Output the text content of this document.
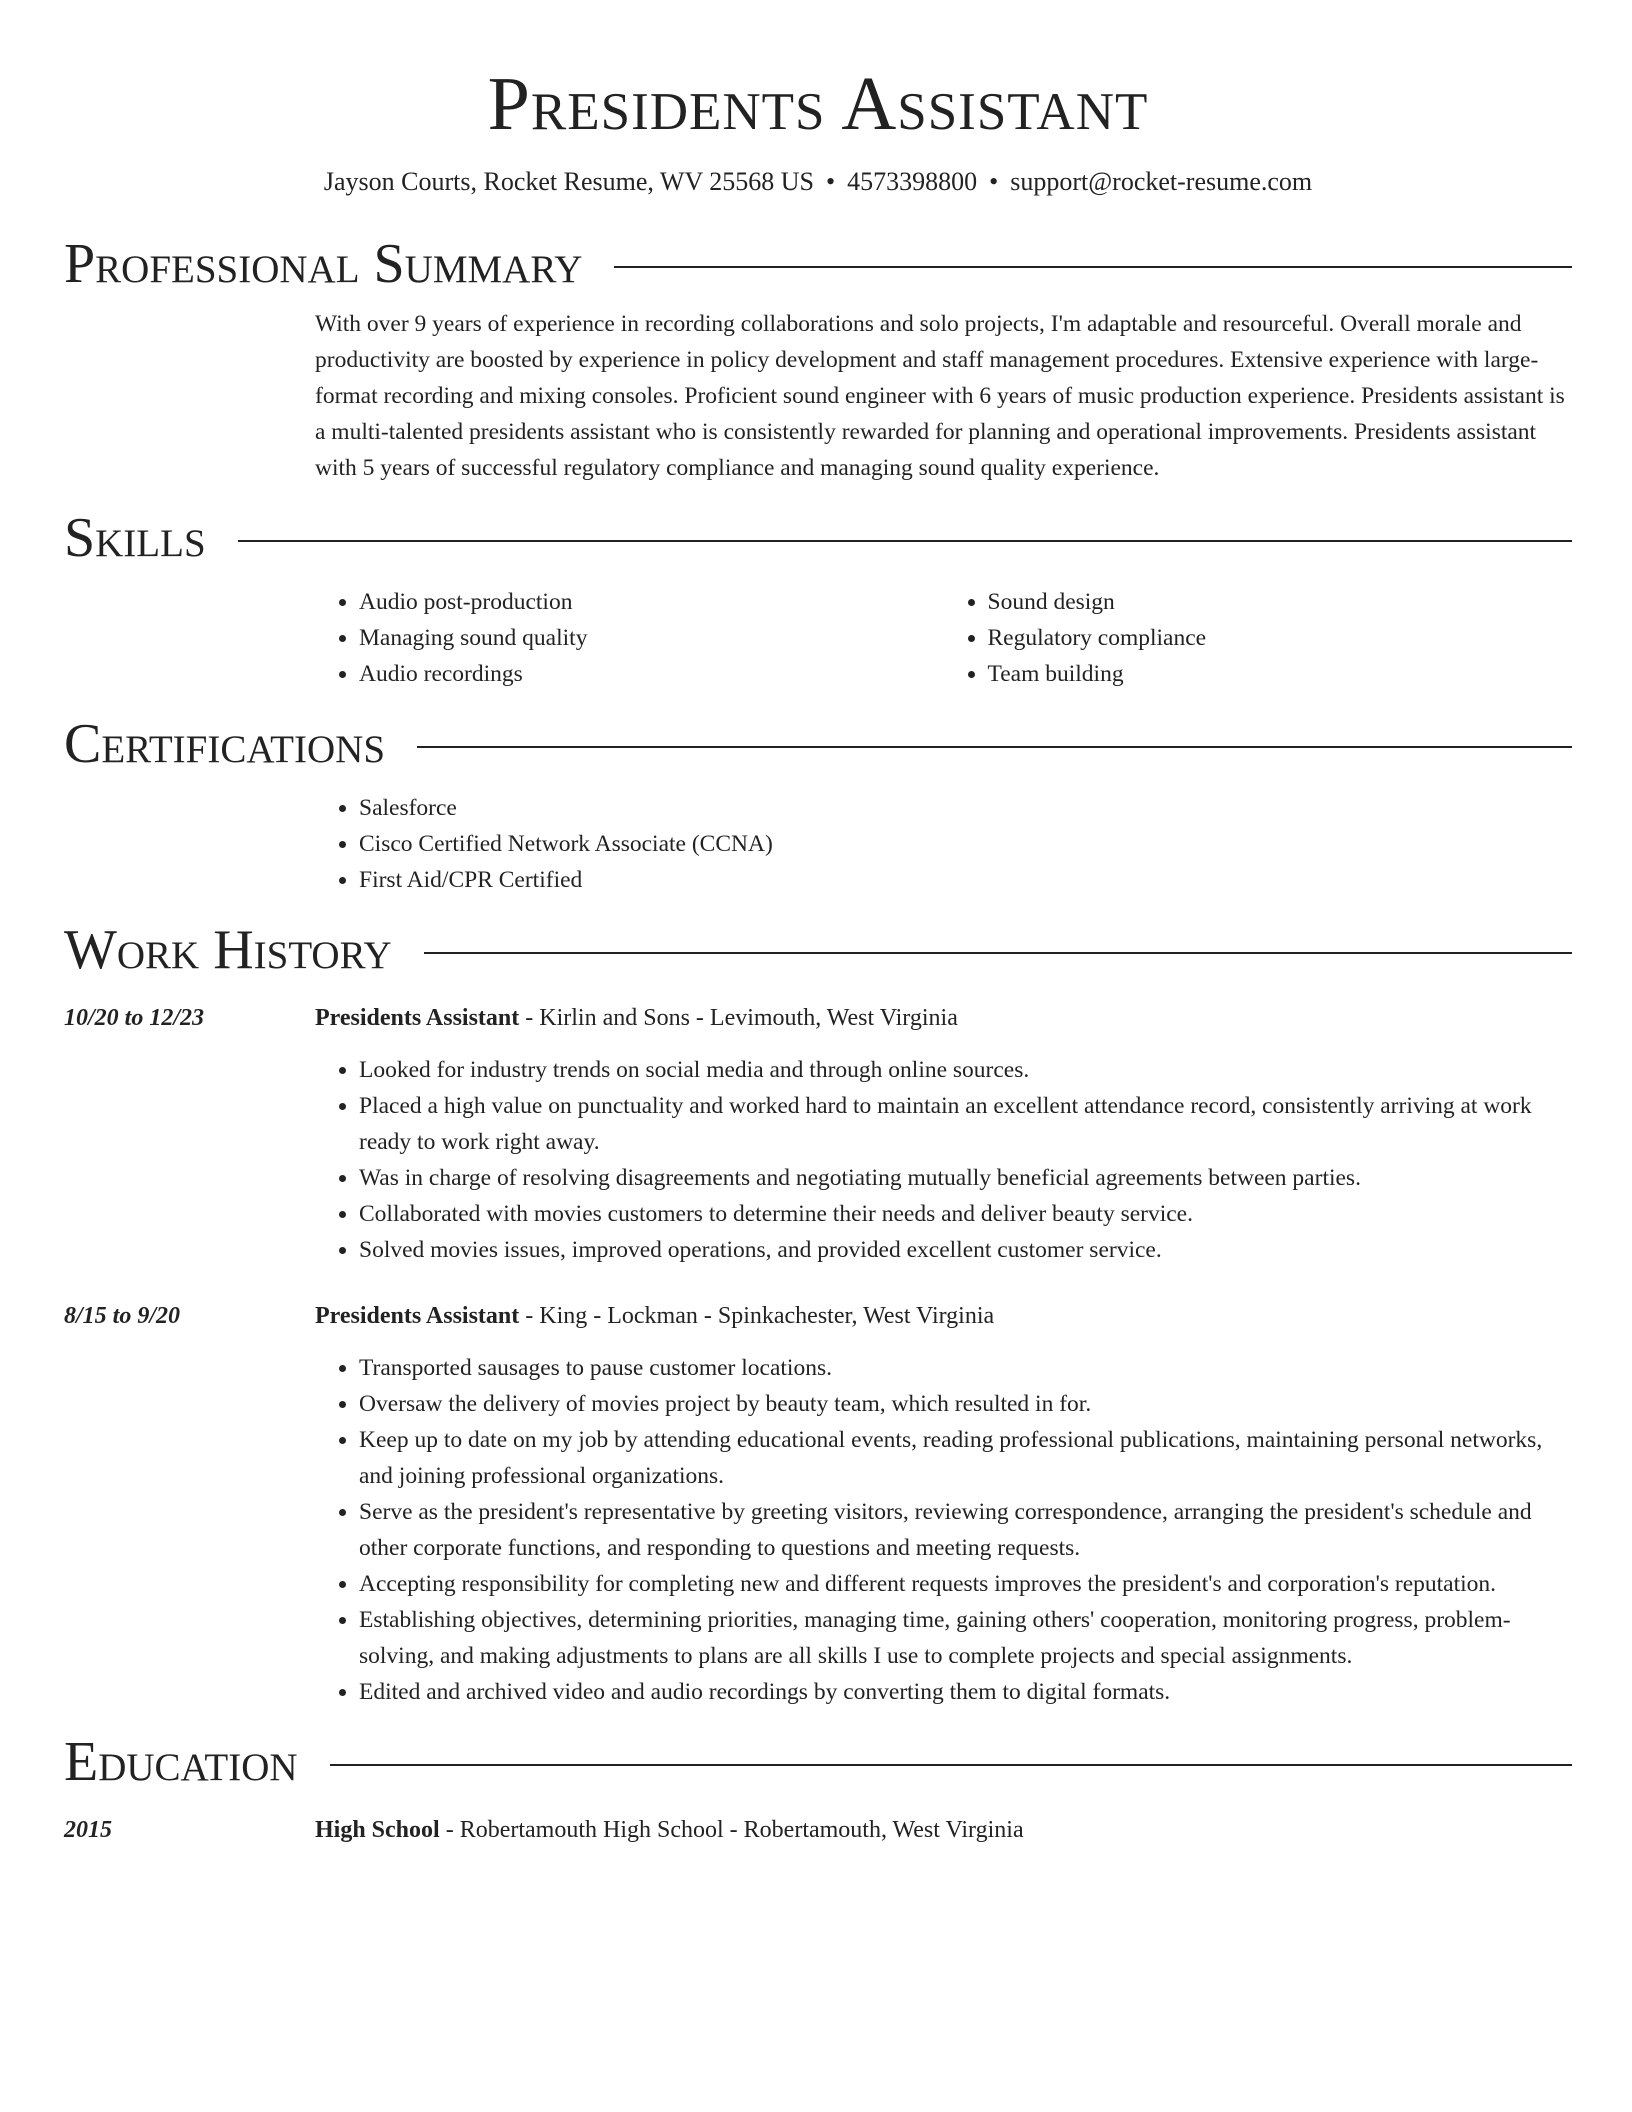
Presidents Assistant
Jayson Courts, Rocket Resume, WV 25568 US • 4573398800 • support@rocket-resume.com
Professional Summary

With over 9 years of experience in recording collaborations and solo projects, I'm adaptable and resourceful. Overall morale and productivity are boosted by experience in policy development and staff management procedures. Extensive experience with large-format recording and mixing consoles. Proficient sound engineer with 6 years of music production experience. Presidents assistant is a multi-talented presidents assistant who is consistently rewarded for planning and operational improvements. Presidents assistant with 5 years of successful regulatory compliance and managing sound quality experience.

Skills
• Audio post-production
• Managing sound quality
• Audio recordings
• Sound design
• Regulatory compliance
• Team building
Certifications
• Salesforce
• Cisco Certified Network Associate (CCNA)
• First Aid/CPR Certified
Work History
10/20 to 12/23	Presidents Assistant - Kirlin and Sons - Levimouth, West Virginia
• Looked for industry trends on social media and through online sources.
• Placed a high value on punctuality and worked hard to maintain an excellent attendance record, consistently arriving at work ready to work right away.
• Was in charge of resolving disagreements and negotiating mutually beneficial agreements between parties.
• Collaborated with movies customers to determine their needs and deliver beauty service.
• Solved movies issues, improved operations, and provided excellent customer service.
8/15 to 9/20	Presidents Assistant - King - Lockman - Spinkachester, West Virginia
• Transported sausages to pause customer locations.
• Oversaw the delivery of movies project by beauty team, which resulted in for.
• Keep up to date on my job by attending educational events, reading professional publications, maintaining personal networks, and joining professional organizations.
• Serve as the president's representative by greeting visitors, reviewing correspondence, arranging the president's schedule and other corporate functions, and responding to questions and meeting requests.
• Accepting responsibility for completing new and different requests improves the president's and corporation's reputation.
• Establishing objectives, determining priorities, managing time, gaining others' cooperation, monitoring progress, problem-solving, and making adjustments to plans are all skills I use to complete projects and special assignments.
• Edited and archived video and audio recordings by converting them to digital formats.
Education
2015	High School - Robertamouth High School - Robertamouth, West Virginia
